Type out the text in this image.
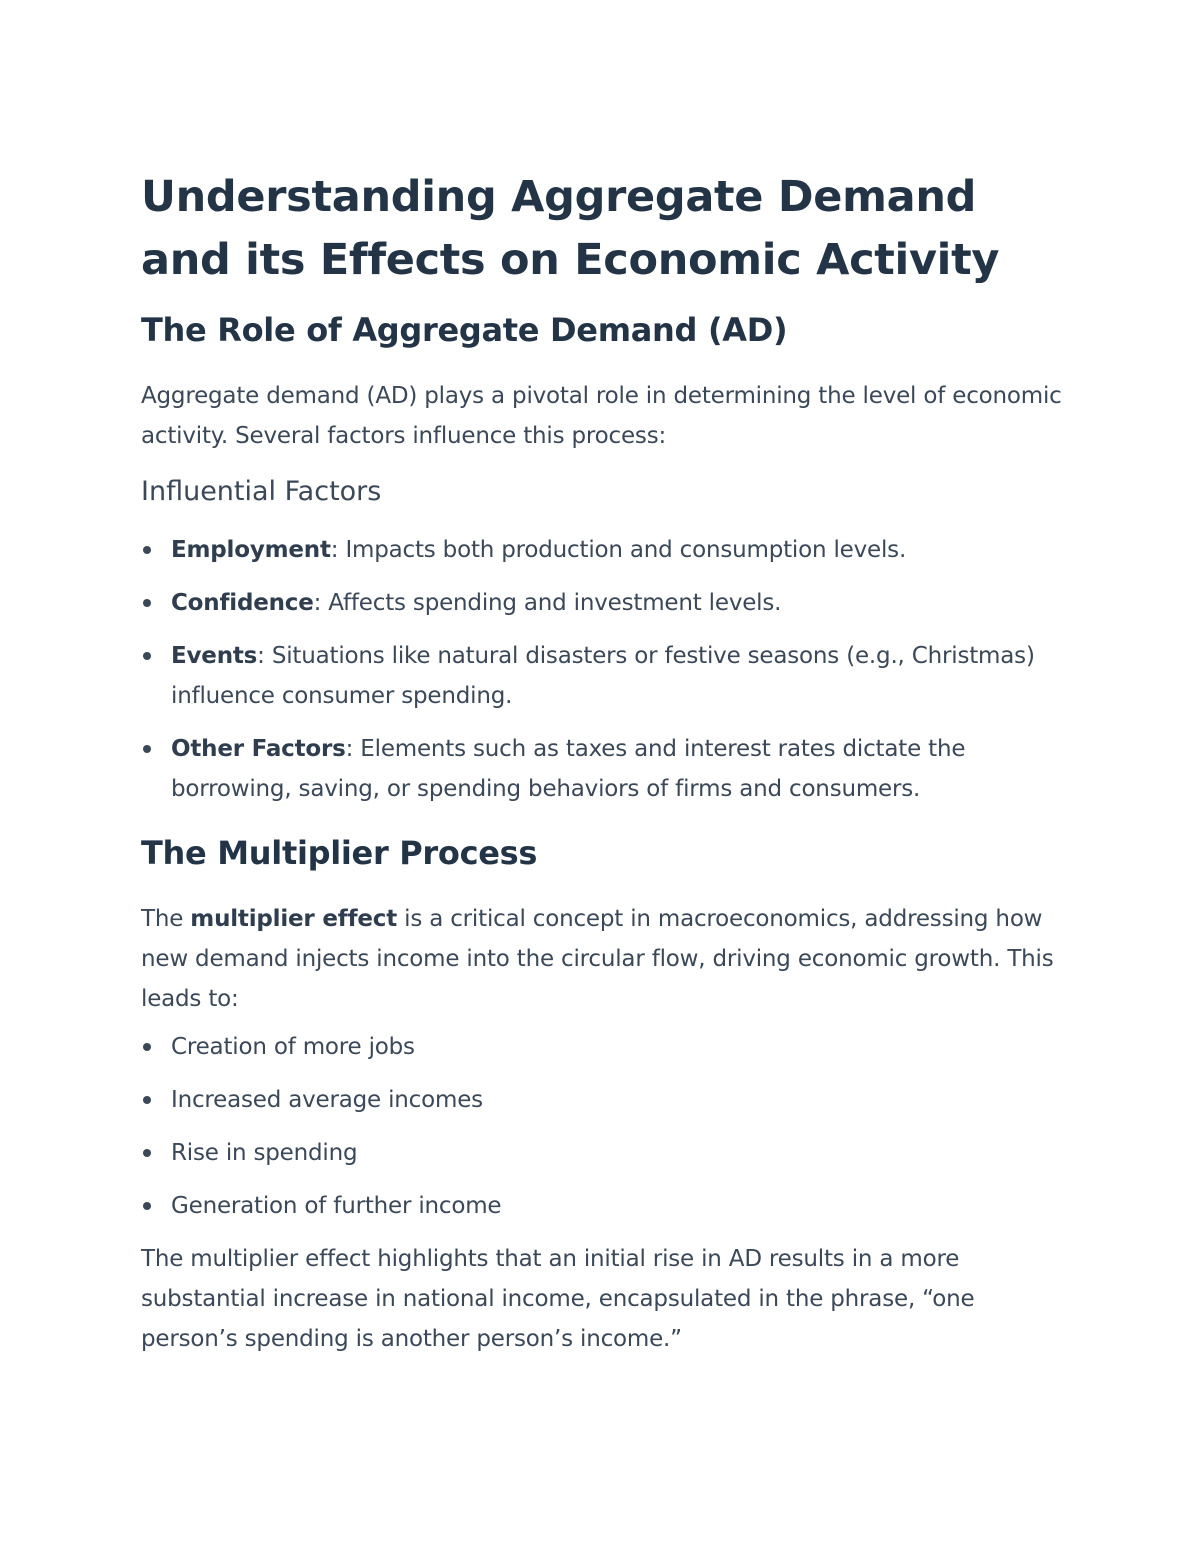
Understanding Aggregate Demand and its Effects on Economic Activity
The Role of Aggregate Demand (AD)

Aggregate demand (AD) plays a pivotal role in determining the level of economic activity. Several factors influence this process:

Influential Factors
Employment: Impacts both production and consumption levels.
Confidence: Affects spending and investment levels.
Events: Situations like natural disasters or festive seasons (e.g., Christmas) influence consumer spending.
Other Factors: Elements such as taxes and interest rates dictate the borrowing, saving, or spending behaviors of firms and consumers.
The Multiplier Process

The multiplier effect is a critical concept in macroeconomics, addressing how new demand injects income into the circular flow, driving economic growth. This leads to:

Creation of more jobs
Increased average incomes
Rise in spending
Generation of further income

The multiplier effect highlights that an initial rise in AD results in a more substantial increase in national income, encapsulated in the phrase, “one person’s spending is another person’s income.”
